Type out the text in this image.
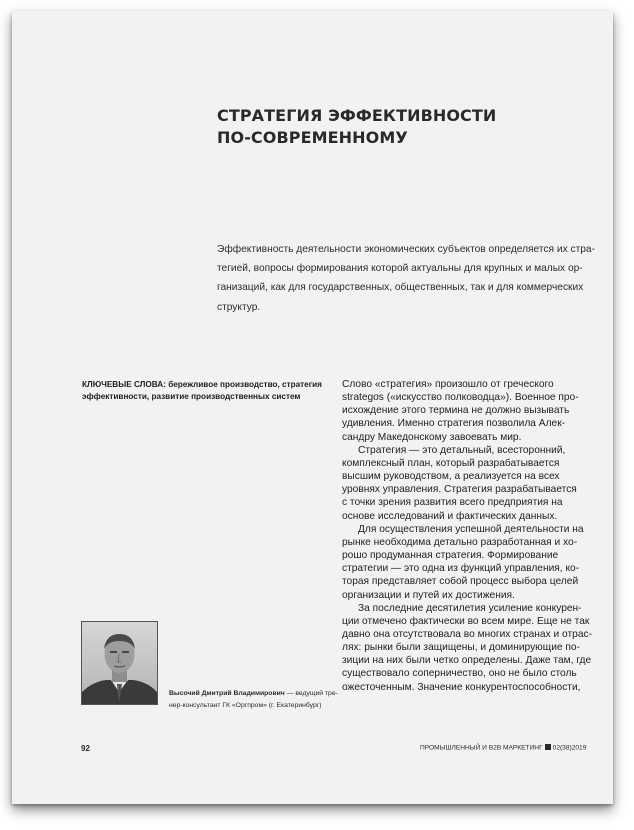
СТРАТЕГИЯ ЭФФЕКТИВНОСТИ
ПО-СОВРЕМЕННОМУ

Эффективность деятельности экономических субъектов определяется их стра-
тегией, вопросы формирования которой актуальны для крупных и малых ор-
ганизаций, как для государственных, общественных, так и для коммерческих
структур.

КЛЮЧЕВЫЕ СЛОВА: бережливое производство, стратегия
эффективности, развитие производственных систем

Слово «стратегия» произошло от греческого
strategos («искусство полководца»). Военное про-
исхождение этого термина не должно вызывать
удивления. Именно стратегия позволила Алек-
сандру Македонскому завоевать мир.
Стратегия — это детальный, всесторонний,
комплексный план, который разрабатывается
высшим руководством, а реализуется на всех
уровнях управления. Стратегия разрабатывается
с точки зрения развития всего предприятия на
основе исследований и фактических данных.
Для осуществления успешной деятельности на
рынке необходима детально разработанная и хо-
рошо продуманная стратегия. Формирование
стратегии — это одна из функций управления, ко-
торая представляет собой процесс выбора целей
организации и путей их достижения.
За последние десятилетия усиление конкурен-
ции отмечено фактически во всем мире. Еще не так
давно она отсутствовала во многих странах и отрас-
лях: рынки были защищены, и доминирующие по-
зиции на них были четко определены. Даже там, где
существовало соперничество, оно не было столь
ожесточенным. Значение конкурентоспособности,

Высочий Дмитрий Владимирович — ведущий тре-
нер-консультант ГК «Оргпром» (г. Екатеринбург)

92	ПРОМЫШЛЕННЫЙ И B2B МАРКЕТИНГ 02(38)2019
